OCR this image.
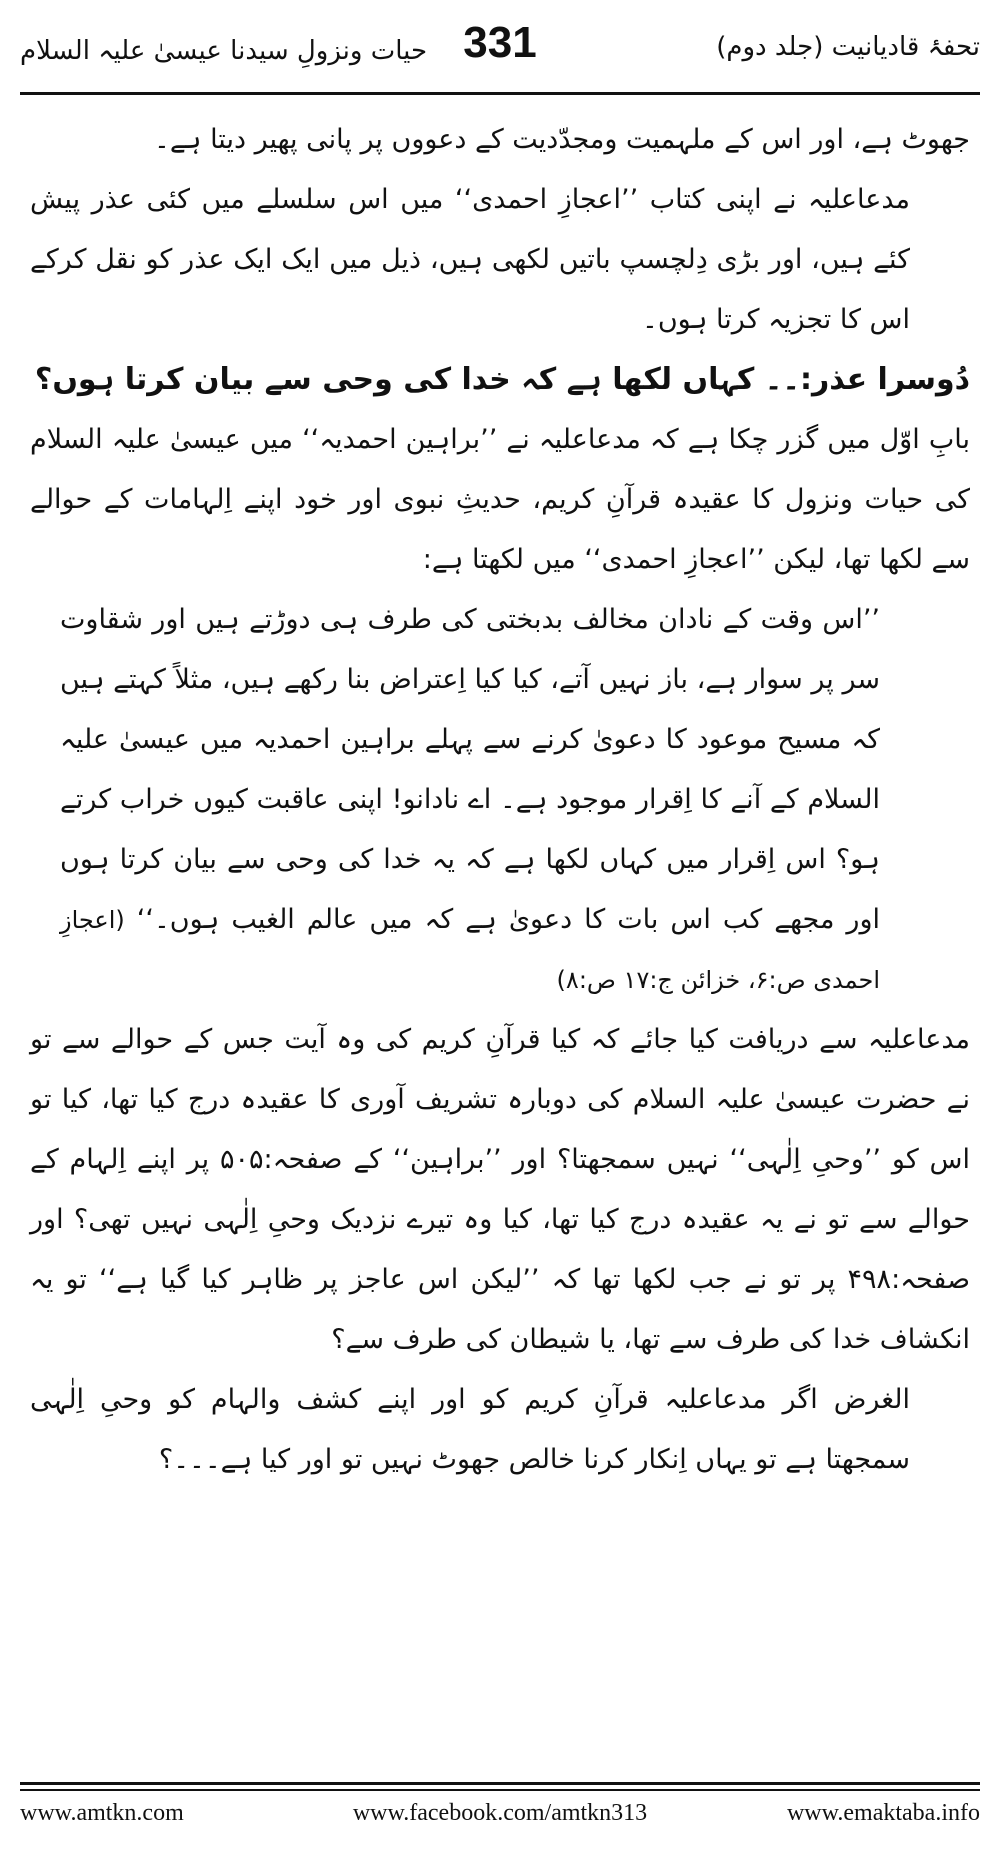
تحفۂ قادیانیت (جلد دوم)
331
حیات ونزولِ سیدنا عیسیٰ علیہ السلام

جھوٹ ہے، اور اس کے ملہمیت ومجدّدیت کے دعووں پر پانی پھیر دیتا ہے۔

مدعاعلیہ نے اپنی کتاب ’’اعجازِ احمدی‘‘ میں اس سلسلے میں کئی عذر پیش کئے ہیں، اور بڑی دِلچسپ باتیں لکھی ہیں، ذیل میں ایک ایک عذر کو نقل کرکے اس کا تجزیہ کرتا ہوں۔

دُوسرا عذر:۔۔ کہاں لکھا ہے کہ خدا کی وحی سے بیان کرتا ہوں؟

بابِ اوّل میں گزر چکا ہے کہ مدعاعلیہ نے ’’براہین احمدیہ‘‘ میں عیسیٰ علیہ السلام کی حیات ونزول کا عقیدہ قرآنِ کریم، حدیثِ نبوی اور خود اپنے اِلہامات کے حوالے سے لکھا تھا، لیکن ’’اعجازِ احمدی‘‘ میں لکھتا ہے:

’’اس وقت کے نادان مخالف بدبختی کی طرف ہی دوڑتے ہیں اور شقاوت سر پر سوار ہے، باز نہیں آتے، کیا کیا اِعتراض بنا رکھے ہیں، مثلاً کہتے ہیں کہ مسیح موعود کا دعویٰ کرنے سے پہلے براہین احمدیہ میں عیسیٰ علیہ السلام کے آنے کا اِقرار موجود ہے۔ اے نادانو! اپنی عاقبت کیوں خراب کرتے ہو؟ اس اِقرار میں کہاں لکھا ہے کہ یہ خدا کی وحی سے بیان کرتا ہوں اور مجھے کب اس بات کا دعویٰ ہے کہ میں عالم الغیب ہوں۔‘‘ (اعجازِ احمدی ص:۶، خزائن ج:۱۷ ص:۸)

مدعاعلیہ سے دریافت کیا جائے کہ کیا قرآنِ کریم کی وہ آیت جس کے حوالے سے تو نے حضرت عیسیٰ علیہ السلام کی دوبارہ تشریف آوری کا عقیدہ درج کیا تھا، کیا تو اس کو ’’وحیِ اِلٰہی‘‘ نہیں سمجھتا؟ اور ’’براہین‘‘ کے صفحہ:۵۰۵ پر اپنے اِلہام کے حوالے سے تو نے یہ عقیدہ درج کیا تھا، کیا وہ تیرے نزدیک وحیِ اِلٰہی نہیں تھی؟ اور صفحہ:۴۹۸ پر تو نے جب لکھا تھا کہ ’’لیکن اس عاجز پر ظاہر کیا گیا ہے‘‘ تو یہ انکشاف خدا کی طرف سے تھا، یا شیطان کی طرف سے؟

الغرض اگر مدعاعلیہ قرآنِ کریم کو اور اپنے کشف والہام کو وحیِ اِلٰہی سمجھتا ہے تو یہاں اِنکار کرنا خالص جھوٹ نہیں تو اور کیا ہے۔۔۔؟

www.amtkn.com	www.facebook.com/amtkn313	www.emaktaba.info
